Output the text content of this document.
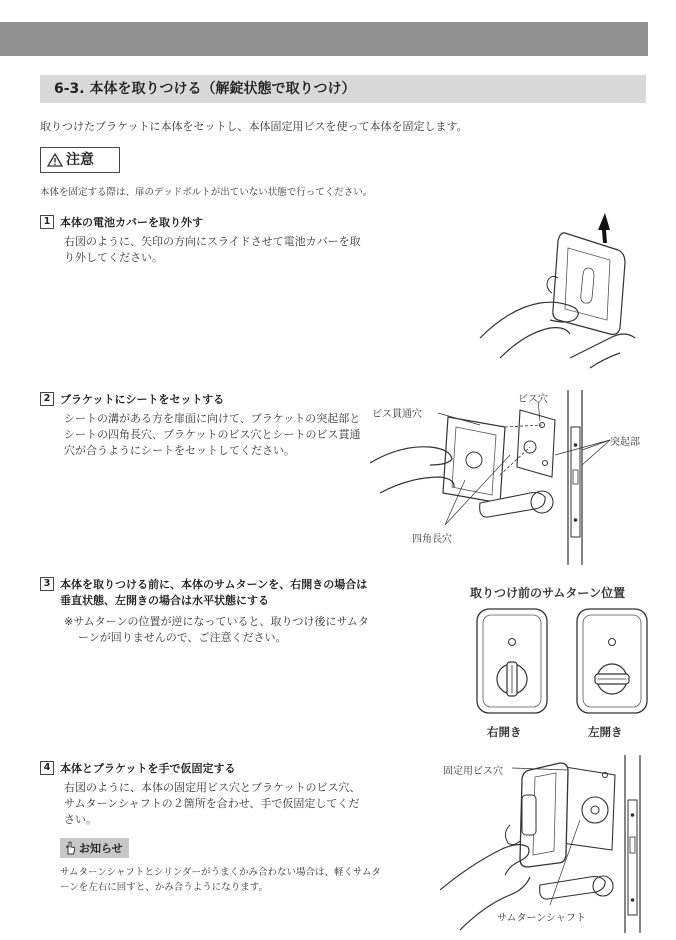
6-3. 本体を取りつける（解錠状態で取りつけ）
取りつけたブラケットに本体をセットし、本体固定用ビスを使って本体を固定します。
注意
本体を固定する際は、扉のデッドボルトが出ていない状態で行ってください。
1 本体の電池カバーを取り外す
右図のように、矢印の方向にスライドさせて電池カバーを取り外してください。
2 ブラケットにシートをセットする
シートの溝がある方を扉面に向けて、ブラケットの突起部とシートの四角長穴、ブラケットのビス穴とシートのビス貫通穴が合うようにシートをセットしてください。
3 本体を取りつける前に、本体のサムターンを、右開きの場合は垂直状態、左開きの場合は水平状態にする
※サムターンの位置が逆になっていると、取りつけ後にサムターンが回りませんので、ご注意ください。
4 本体とブラケットを手で仮固定する
右図のように、本体の固定用ビス穴とブラケットのビス穴、サムターンシャフトの２箇所を合わせ、手で仮固定してください。
お知らせ
サムターンシャフトとシリンダーがうまくかみ合わない場合は、軽くサムターンを左右に回すと、かみ合うようになります。
ビス貫通穴
ビス穴
突起部
四角長穴
取りつけ前のサムターン位置
右開き	左開き
固定用ビス穴
サムターンシャフト
